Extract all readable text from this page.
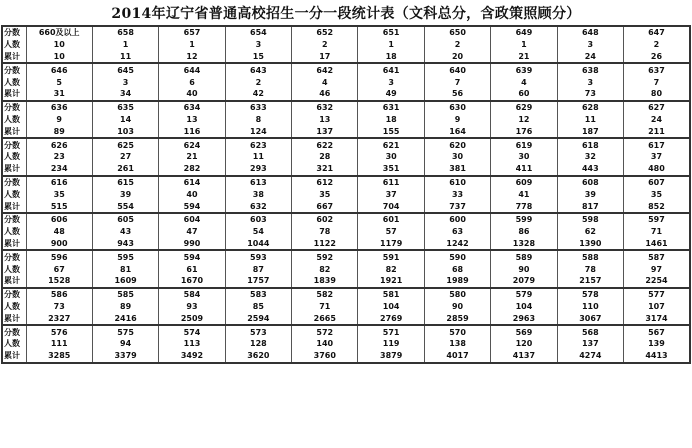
2014年辽宁省普通高校招生一分一段统计表（文科总分，含政策照顾分）
分数	660及以上	658	657	654	652	651	650	649	648	647
人数	10	1	1	3	2	1	2	1	3	2
累计	10	11	12	15	17	18	20	21	24	26
分数	646	645	644	643	642	641	640	639	638	637
人数	5	3	6	2	4	3	7	4	3	7
累计	31	34	40	42	46	49	56	60	73	80
分数	636	635	634	633	632	631	630	629	628	627
人数	9	14	13	8	13	18	9	12	11	24
累计	89	103	116	124	137	155	164	176	187	211
分数	626	625	624	623	622	621	620	619	618	617
人数	23	27	21	11	28	30	30	30	32	37
累计	234	261	282	293	321	351	381	411	443	480
分数	616	615	614	613	612	611	610	609	608	607
人数	35	39	40	38	35	37	33	41	39	35
累计	515	554	594	632	667	704	737	778	817	852
分数	606	605	604	603	602	601	600	599	598	597
人数	48	43	47	54	78	57	63	86	62	71
累计	900	943	990	1044	1122	1179	1242	1328	1390	1461
分数	596	595	594	593	592	591	590	589	588	587
人数	67	81	61	87	82	82	68	90	78	97
累计	1528	1609	1670	1757	1839	1921	1989	2079	2157	2254
分数	586	585	584	583	582	581	580	579	578	577
人数	73	89	93	85	71	104	90	104	110	107
累计	2327	2416	2509	2594	2665	2769	2859	2963	3067	3174
分数	576	575	574	573	572	571	570	569	568	567
人数	111	94	113	128	140	119	138	120	137	139
累计	3285	3379	3492	3620	3760	3879	4017	4137	4274	4413
